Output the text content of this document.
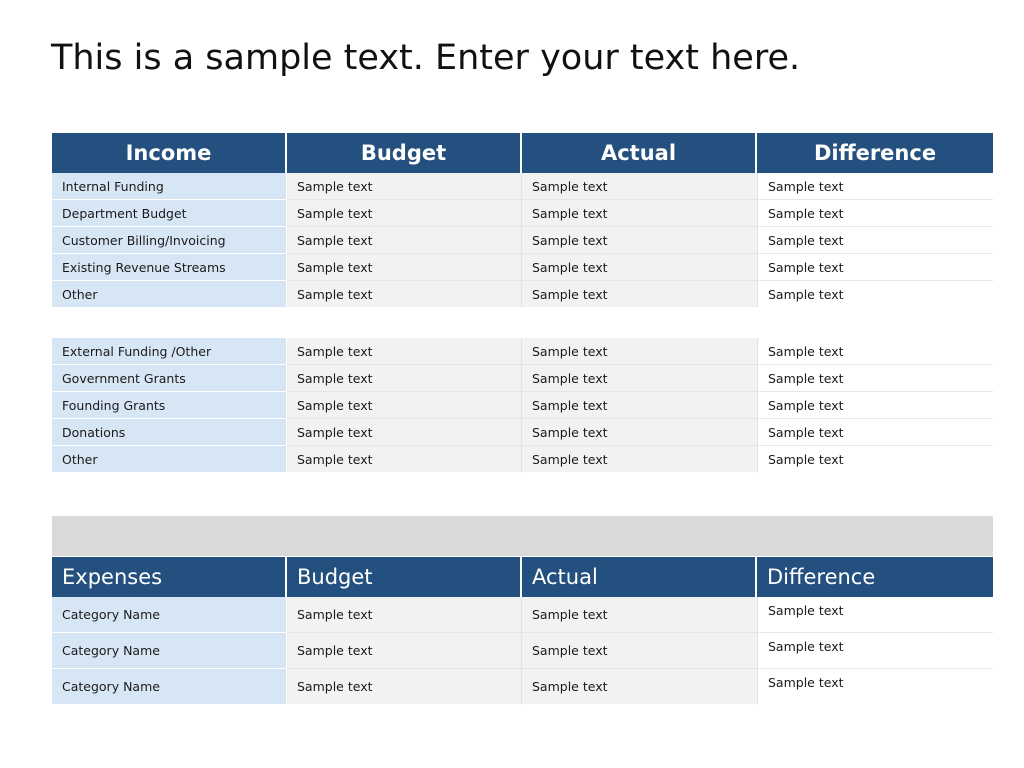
This is a sample text. Enter your text here.
Income	Budget	Actual	Difference
Internal Funding	Sample text	Sample text	Sample text
Department Budget	Sample text	Sample text	Sample text
Customer Billing/Invoicing	Sample text	Sample text	Sample text
Existing Revenue Streams	Sample text	Sample text	Sample text
Other	Sample text	Sample text	Sample text
External Funding /Other	Sample text	Sample text	Sample text
Government Grants	Sample text	Sample text	Sample text
Founding Grants	Sample text	Sample text	Sample text
Donations	Sample text	Sample text	Sample text
Other	Sample text	Sample text	Sample text
Expenses	Budget	Actual	Difference
Category Name	Sample text	Sample text	Sample text
Category Name	Sample text	Sample text	Sample text
Category Name	Sample text	Sample text	Sample text
